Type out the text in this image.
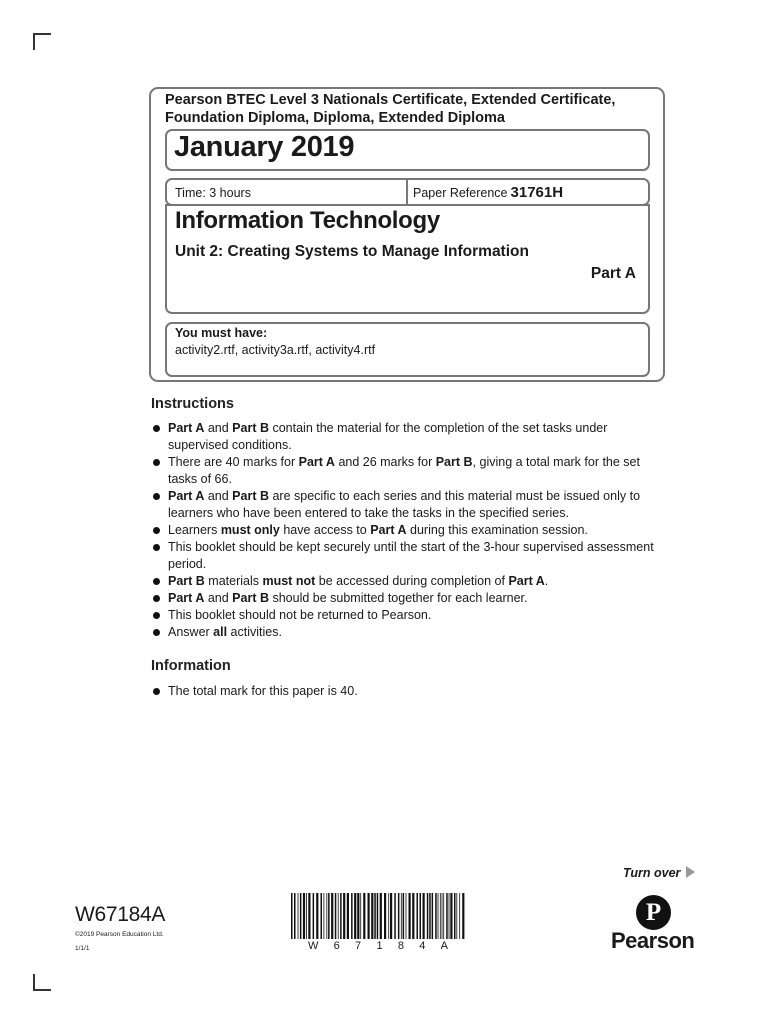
Pearson BTEC Level 3 Nationals Certificate, Extended Certificate, Foundation Diploma, Diploma, Extended Diploma
January 2019
Time: 3 hours	Paper Reference 31761H
Information Technology
Unit 2: Creating Systems to Manage Information
Part A
You must have:
activity2.rtf, activity3a.rtf, activity4.rtf
Instructions
Part A and Part B contain the material for the completion of the set tasks under supervised conditions.
There are 40 marks for Part A and 26 marks for Part B, giving a total mark for the set tasks of 66.
Part A and Part B are specific to each series and this material must be issued only to learners who have been entered to take the tasks in the specified series.
Learners must only have access to Part A during this examination session.
This booklet should be kept securely until the start of the 3-hour supervised assessment period.
Part B materials must not be accessed during completion of Part A.
Part A and Part B should be submitted together for each learner.
This booklet should not be returned to Pearson.
Answer all activities.
Information
The total mark for this paper is 40.
Turn over
W67184A
©2019 Pearson Education Ltd.
1/1/1	W 6 7 1 8 4 A
P
Pearson
